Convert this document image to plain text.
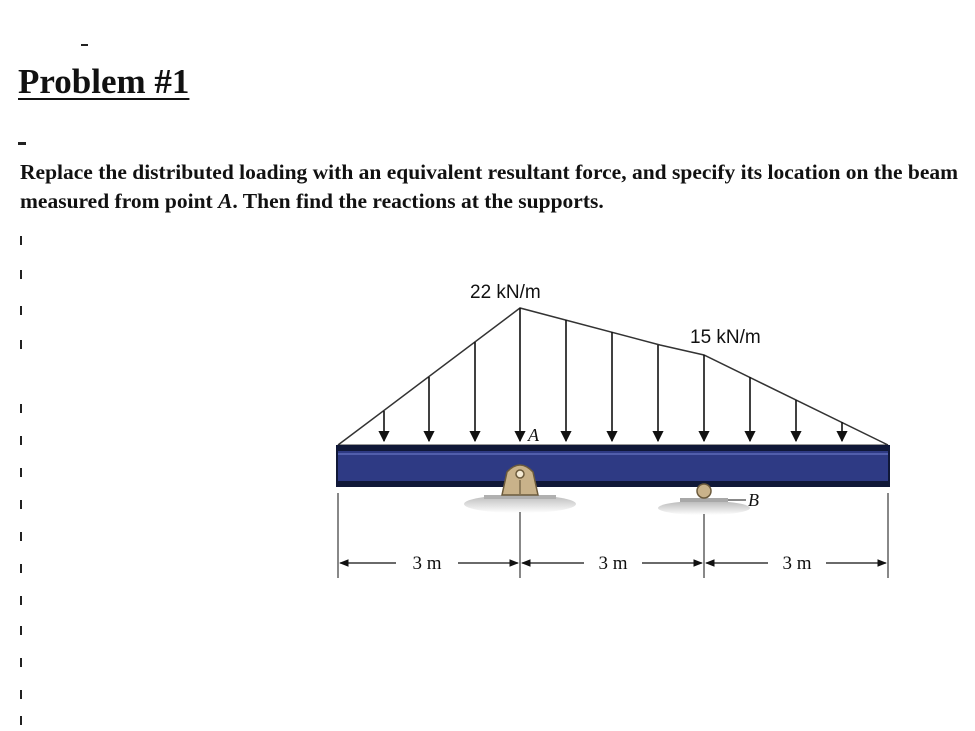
Problem #1

Replace the distributed loading with an equivalent resultant force, and specify its location on the beam measured from point A. Then find the reactions at the supports.

22 kN/m
15 kN/m
A
B
3 m	3 m	3 m
